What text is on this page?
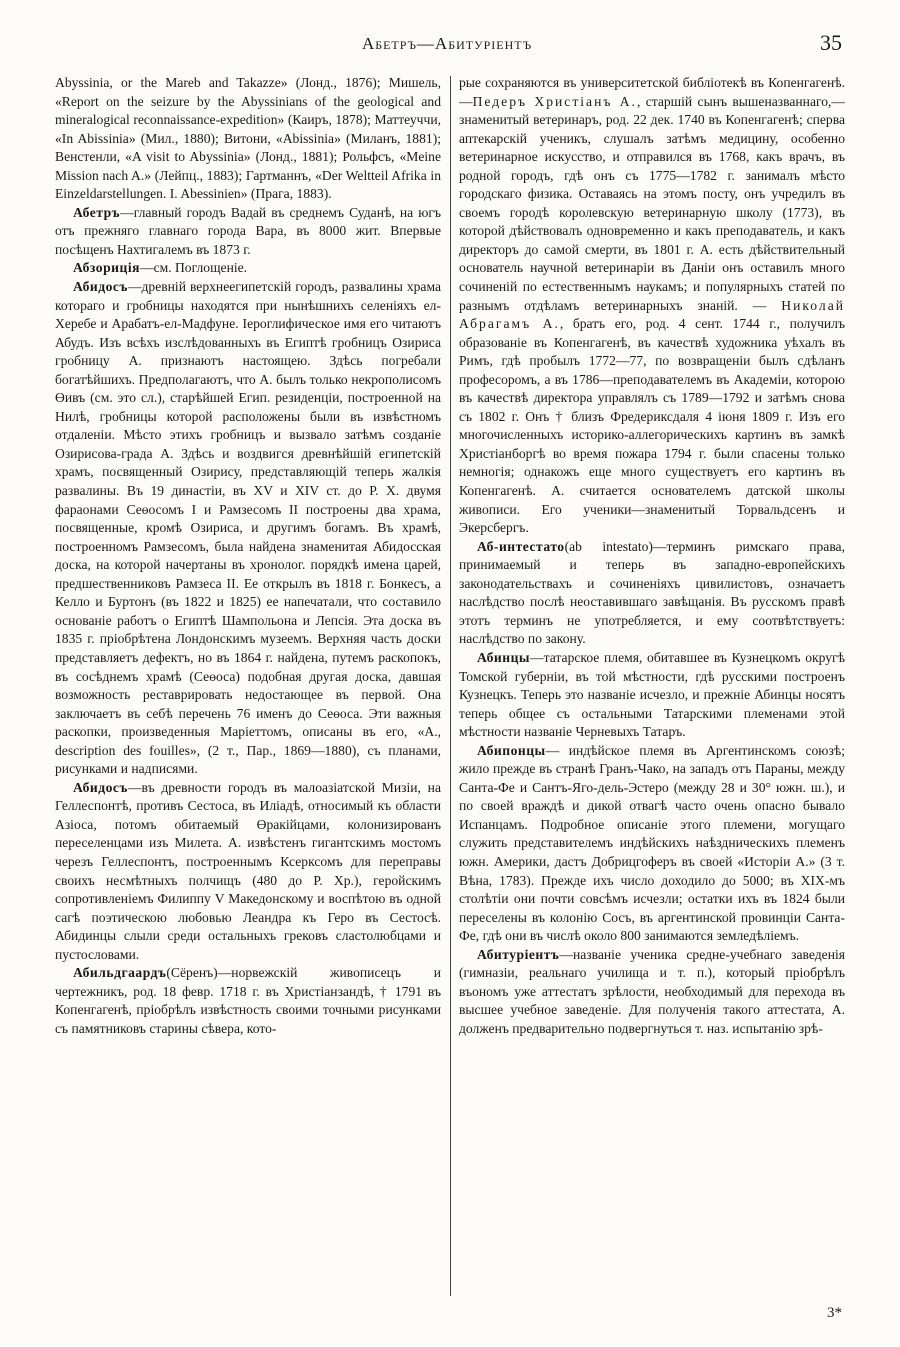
Абетръ—Абитурiентъ	35

Abyssinia, or the Mareb and Takazze» (Лонд., 1876); Мишель, «Report on the seizure by the Abyssinians of the geological and mineralogical reconnaissance-expedition» (Каиръ, 1878); Маттеуччи, «In Abissinia» (Мил., 1880); Витони, «Abissinia» (Миланъ, 1881); Венстенли, «A visit to Abyssinia» (Лонд., 1881); Рольфсъ, «Meine Mission nach A.» (Лейпц., 1883); Гартманнъ, «Der Weltteil Afrika in Einzeldarstellungen. I. Abessinien» (Прага, 1883).

Абетръ—главный городъ Вадай въ среднемъ Суданѣ, на югъ отъ прежняго главнаго города Вара, въ 8000 жит. Впервые посѣщенъ Нахтигалемъ въ 1873 г.

Абзорицiя—см. Поглощенiе.

Абидосъ—древнiй верхнеегипетскiй городъ, развалины храма котораго и гробницы находятся при нынѣшнихъ селенiяхъ ел-Херебе и Арабатъ-ел-Мадфуне. Iероглифическое имя его читаютъ Абудъ. Изъ всѣхъ изслѣдованныхъ въ Египтѣ гробницъ Озириса гробницу А. признаютъ настоящею. Здѣсь погребали богатѣйшихъ. Предполагаютъ, что А. былъ только некрополисомъ Өивъ (см. это сл.), старѣйшей Егип. резиденцiи, построенной на Нилѣ, гробницы которой расположены были въ извѣстномъ отдаленiи. Мѣсто этихъ гробницъ и вызвало затѣмъ созданiе Озирисова-града А. Здѣсь и воздвигся древнѣйшiй египетскiй храмъ, посвященный Озирису, представляющiй теперь жалкiя развалины. Въ 19 династiи, въ XV и XIV ст. до Р. Х. двумя фараонами Сеөосомъ I и Рамзесомъ II построены два храма, посвященные, кромѣ Озириса, и другимъ богамъ. Въ храмѣ, построенномъ Рамзесомъ, была найдена знаменитая Абидосская доска, на которой начертаны въ хронолог. порядкѣ имена царей, предшественниковъ Рамзеса II. Ее открылъ въ 1818 г. Бонкесъ, а Келло и Буртонъ (въ 1822 и 1825) ее напечатали, что составило основанiе работъ о Египтѣ Шампольона и Лепсiя. Эта доска въ 1835 г. прiобрѣтена Лондонскимъ музеемъ. Верхняя часть доски представляетъ дефектъ, но въ 1864 г. найдена, путемъ раскопокъ, въ сосѣднемъ храмѣ (Сеөоса) подобная другая доска, давшая возможность реставрировать недостающее въ первой. Она заключаетъ въ себѣ перечень 76 именъ до Сеөоса. Эти важныя раскопки, произведенныя Марiеттомъ, описаны въ его, «А., description des fouilles», (2 т., Пар., 1869—1880), съ планами, рисунками и надписями.

Абидосъ—въ древности городъ въ малоазiатской Мизiи, на Геллеспонтѣ, противъ Сестоса, въ Илiадѣ, относимый къ области Азiоса, потомъ обитаемый Өракiйцами, колонизированъ переселенцами изъ Милета. А. извѣстенъ гигантскимъ мостомъ черезъ Геллеспонтъ, построеннымъ Ксерксомъ для переправы своихъ несмѣтныхъ полчищъ (480 до Р. Хр.), геройскимъ сопротивленiемъ Филиппу V Македонскому и воспѣтою въ одной сагѣ поэтическою любовью Леандра къ Геро въ Сестосѣ. Абидинцы слыли среди остальныхъ грековъ сластолюбцами и пустословами.

Абильдгаардъ(Сёренъ)—норвежскiй живописецъ и чертежникъ, род. 18 февр. 1718 г. въ Христiанзандѣ, † 1791 въ Копенгагенѣ, прiобрѣлъ извѣстность своими точными рисунками съ памятниковъ старины сѣвера, кото-

рые сохраняются въ университетской библiотекѣ въ Копенгагенѣ.—Педеръ Христiанъ А., старшiй сынъ вышеназваннаго,—знаменитый ветеринаръ, род. 22 дек. 1740 въ Копенгагенѣ; сперва аптекарскiй ученикъ, слушалъ затѣмъ медицину, особенно ветеринарное искусство, и отправился въ 1768, какъ врачъ, въ родной городъ, гдѣ онъ съ 1775—1782 г. занималъ мѣсто городскаго физика. Оставаясь на этомъ посту, онъ учредилъ въ своемъ городѣ королевскую ветеринарную школу (1773), въ которой дѣйствовалъ одновременно и какъ преподаватель, и какъ директоръ до самой смерти, въ 1801 г. А. есть дѣйствительный основатель научной ветеринарiи въ Данiи онъ оставилъ много сочиненiй по естественнымъ наукамъ; и популярныхъ статей по разнымъ отдѣламъ ветеринарныхъ знанiй. — Николай Абрагамъ А., братъ его, род. 4 сент. 1744 г., получилъ образованiе въ Копенгагенѣ, въ качествѣ художника уѣхалъ въ Римъ, гдѣ пробылъ 1772—77, по возвращенiи былъ сдѣланъ професоромъ, а въ 1786—преподавателемъ въ Академiи, которою въ качествѣ директора управлялъ съ 1789—1792 и затѣмъ снова съ 1802 г. Онъ † близъ Фредериксдаля 4 iюня 1809 г. Изъ его многочисленныхъ историко-аллегорическихъ картинъ въ замкѣ Христiанборгѣ во время пожара 1794 г. были спасены только немногiя; однакожъ еще много существуетъ его картинъ въ Копенгагенѣ. А. считается основателемъ датской школы живописи. Его ученики—знаменитый Торвальдсенъ и Экерсбергъ.

Аб-интестато(ab intestato)—терминъ римскаго права, принимаемый и теперь въ западно-европейскихъ законодательствахъ и сочиненiяхъ цивилистовъ, означаетъ наслѣдство послѣ неоставившаго завѣщанiя. Въ русскомъ правѣ этотъ терминъ не употребляется, и ему соотвѣтствуетъ: наслѣдство по закону.

Абинцы—татарское племя, обитавшее въ Кузнецкомъ округѣ Томской губернiи, въ той мѣстности, гдѣ русскими построенъ Кузнецкъ. Теперь это названiе исчезло, и прежнiе Абинцы носятъ теперь общее съ остальными Татарскими племенами этой мѣстности названiе Черневыхъ Татаръ.

Абипонцы— индѣйское племя въ Аргентинскомъ союзѣ; жило прежде въ странѣ Гранъ-Чако, на западъ отъ Параны, между Санта-Фе и Сантъ-Яго-дель-Эстеро (между 28 и 30° южн. ш.), и по своей враждѣ и дикой отвагѣ часто очень опасно бывало Испанцамъ. Подробное описанiе этого племени, могущаго служить представителемъ индѣйскихъ наѣздническихъ племенъ южн. Америки, дастъ Добрицгоферъ въ своей «Исторiи А.» (3 т. Вѣна, 1783). Прежде ихъ число доходило до 5000; въ XIX-мъ столѣтiи они почти совсѣмъ исчезли; остатки ихъ въ 1824 были переселены въ колонiю Сосъ, въ аргентинской провинцiи Санта-Фе, гдѣ они въ числѣ около 800 занимаются земледѣлiемъ.

Абитурiентъ—названiе ученика средне-учебнаго заведенiя (гимназiи, реальнаго училища и т. п.), который прiобрѣлъ въономъ уже аттестатъ зрѣлости, необходимый для перехода въ высшее учебное заведенiе. Для полученiя такого аттестата, А. долженъ предварительно подвергнуться т. наз. испытанiю зрѣ-

3*
